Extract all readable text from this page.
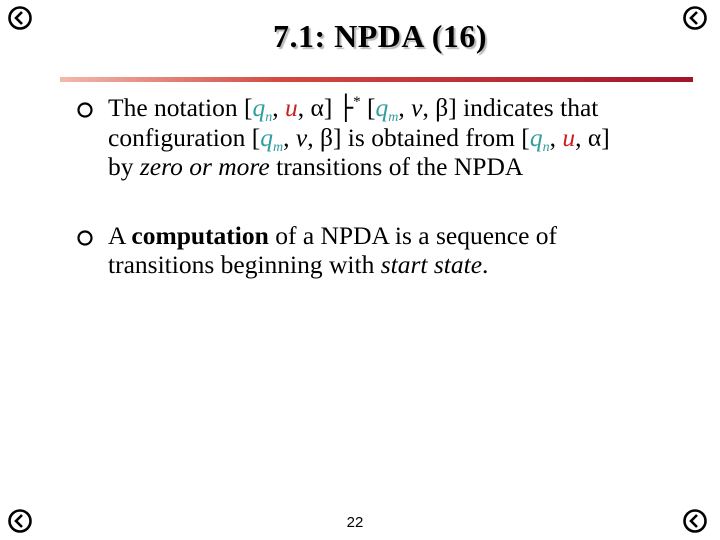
7.1: NPDA (16)
The notation [$q_n$, u, α] ├* [$q_m$, v, β] indicates that
configuration [$q_m$, v, β] is obtained from [$q_n$, u, α]
by zero or more transitions of the NPDA
A computation of a NPDA is a sequence of
transitions beginning with start state.
22
